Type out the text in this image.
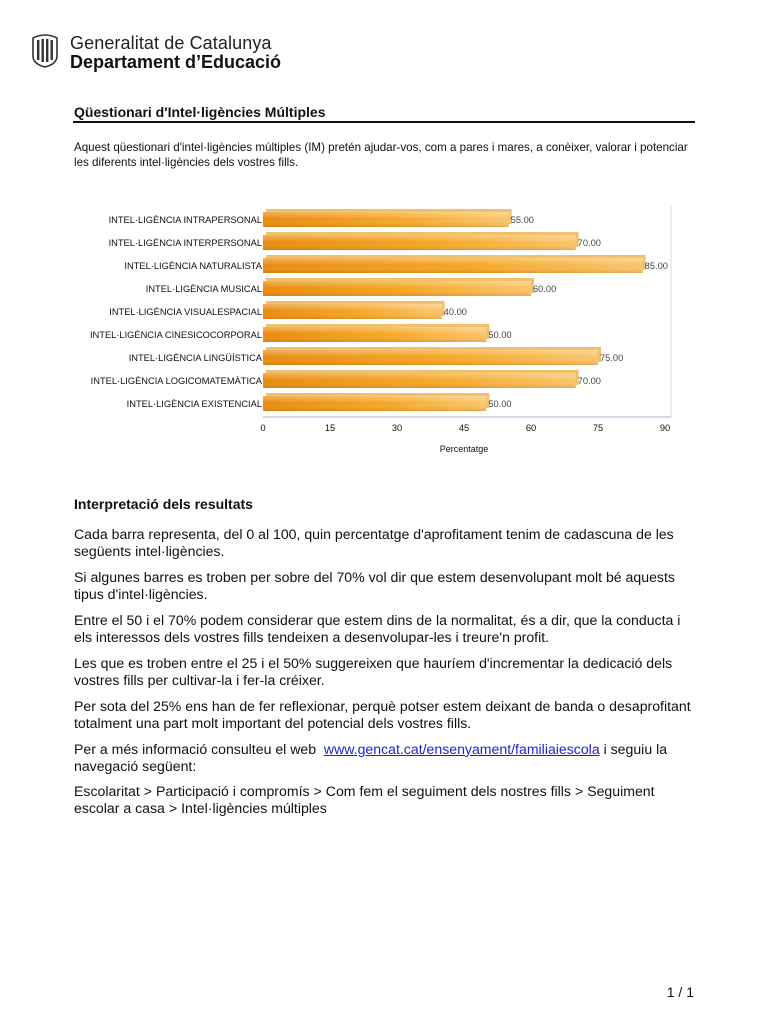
Generalitat de Catalunya
Departament d’Educació
Qüestionari d'Intel·ligències Múltiples
Aquest qüestionari d'intel·ligències múltiples (IM) pretén ajudar-vos, com a pares i mares, a conèixer, valorar i potenciar les diferents intel·ligències dels vostres fills.
INTEL·LIGÈNCIA INTRAPERSONAL	55.00
INTEL·LIGÈNCIA INTERPERSONAL	70.00
INTEL·LIGÈNCIA NATURALISTA	85.00
INTEL·LIGÈNCIA MUSICAL	60.00
INTEL·LIGÈNCIA VISUALESPACIAL	40.00
INTEL·LIGÈNCIA CINESICOCORPORAL	50.00
INTEL·LIGÈNCIA LINGÜÍSTICA	75.00
INTEL·LIGÈNCIA LOGICOMATEMÀTICA	70.00
INTEL·LIGÈNCIA EXISTENCIAL	50.00
0	15	30	45	60	75	90
Percentatge
Interpretació dels resultats
Cada barra representa, del 0 al 100, quin percentatge d'aprofitament tenim de cadascuna de les següents intel·ligències.
Si algunes barres es troben per sobre del 70% vol dir que estem desenvolupant molt bé aquests tipus d'intel·ligències.
Entre el 50 i el 70% podem considerar que estem dins de la normalitat, és a dir, que la conducta i els interessos dels vostres fills tendeixen a desenvolupar-les i treure'n profit.
Les que es troben entre el 25 i el 50% suggereixen que hauríem d'incrementar la dedicació dels vostres fills per cultivar-la i fer-la créixer.
Per sota del 25% ens han de fer reflexionar, perquè potser estem deixant de banda o desaprofitant totalment una part molt important del potencial dels vostres fills.
Per a més informació consulteu el web www.gencat.cat/ensenyament/familiaiescola i seguiu la navegació següent:
Escolaritat > Participació i compromís > Com fem el seguiment dels nostres fills > Seguiment escolar a casa > Intel·ligències múltiples
1 / 1
